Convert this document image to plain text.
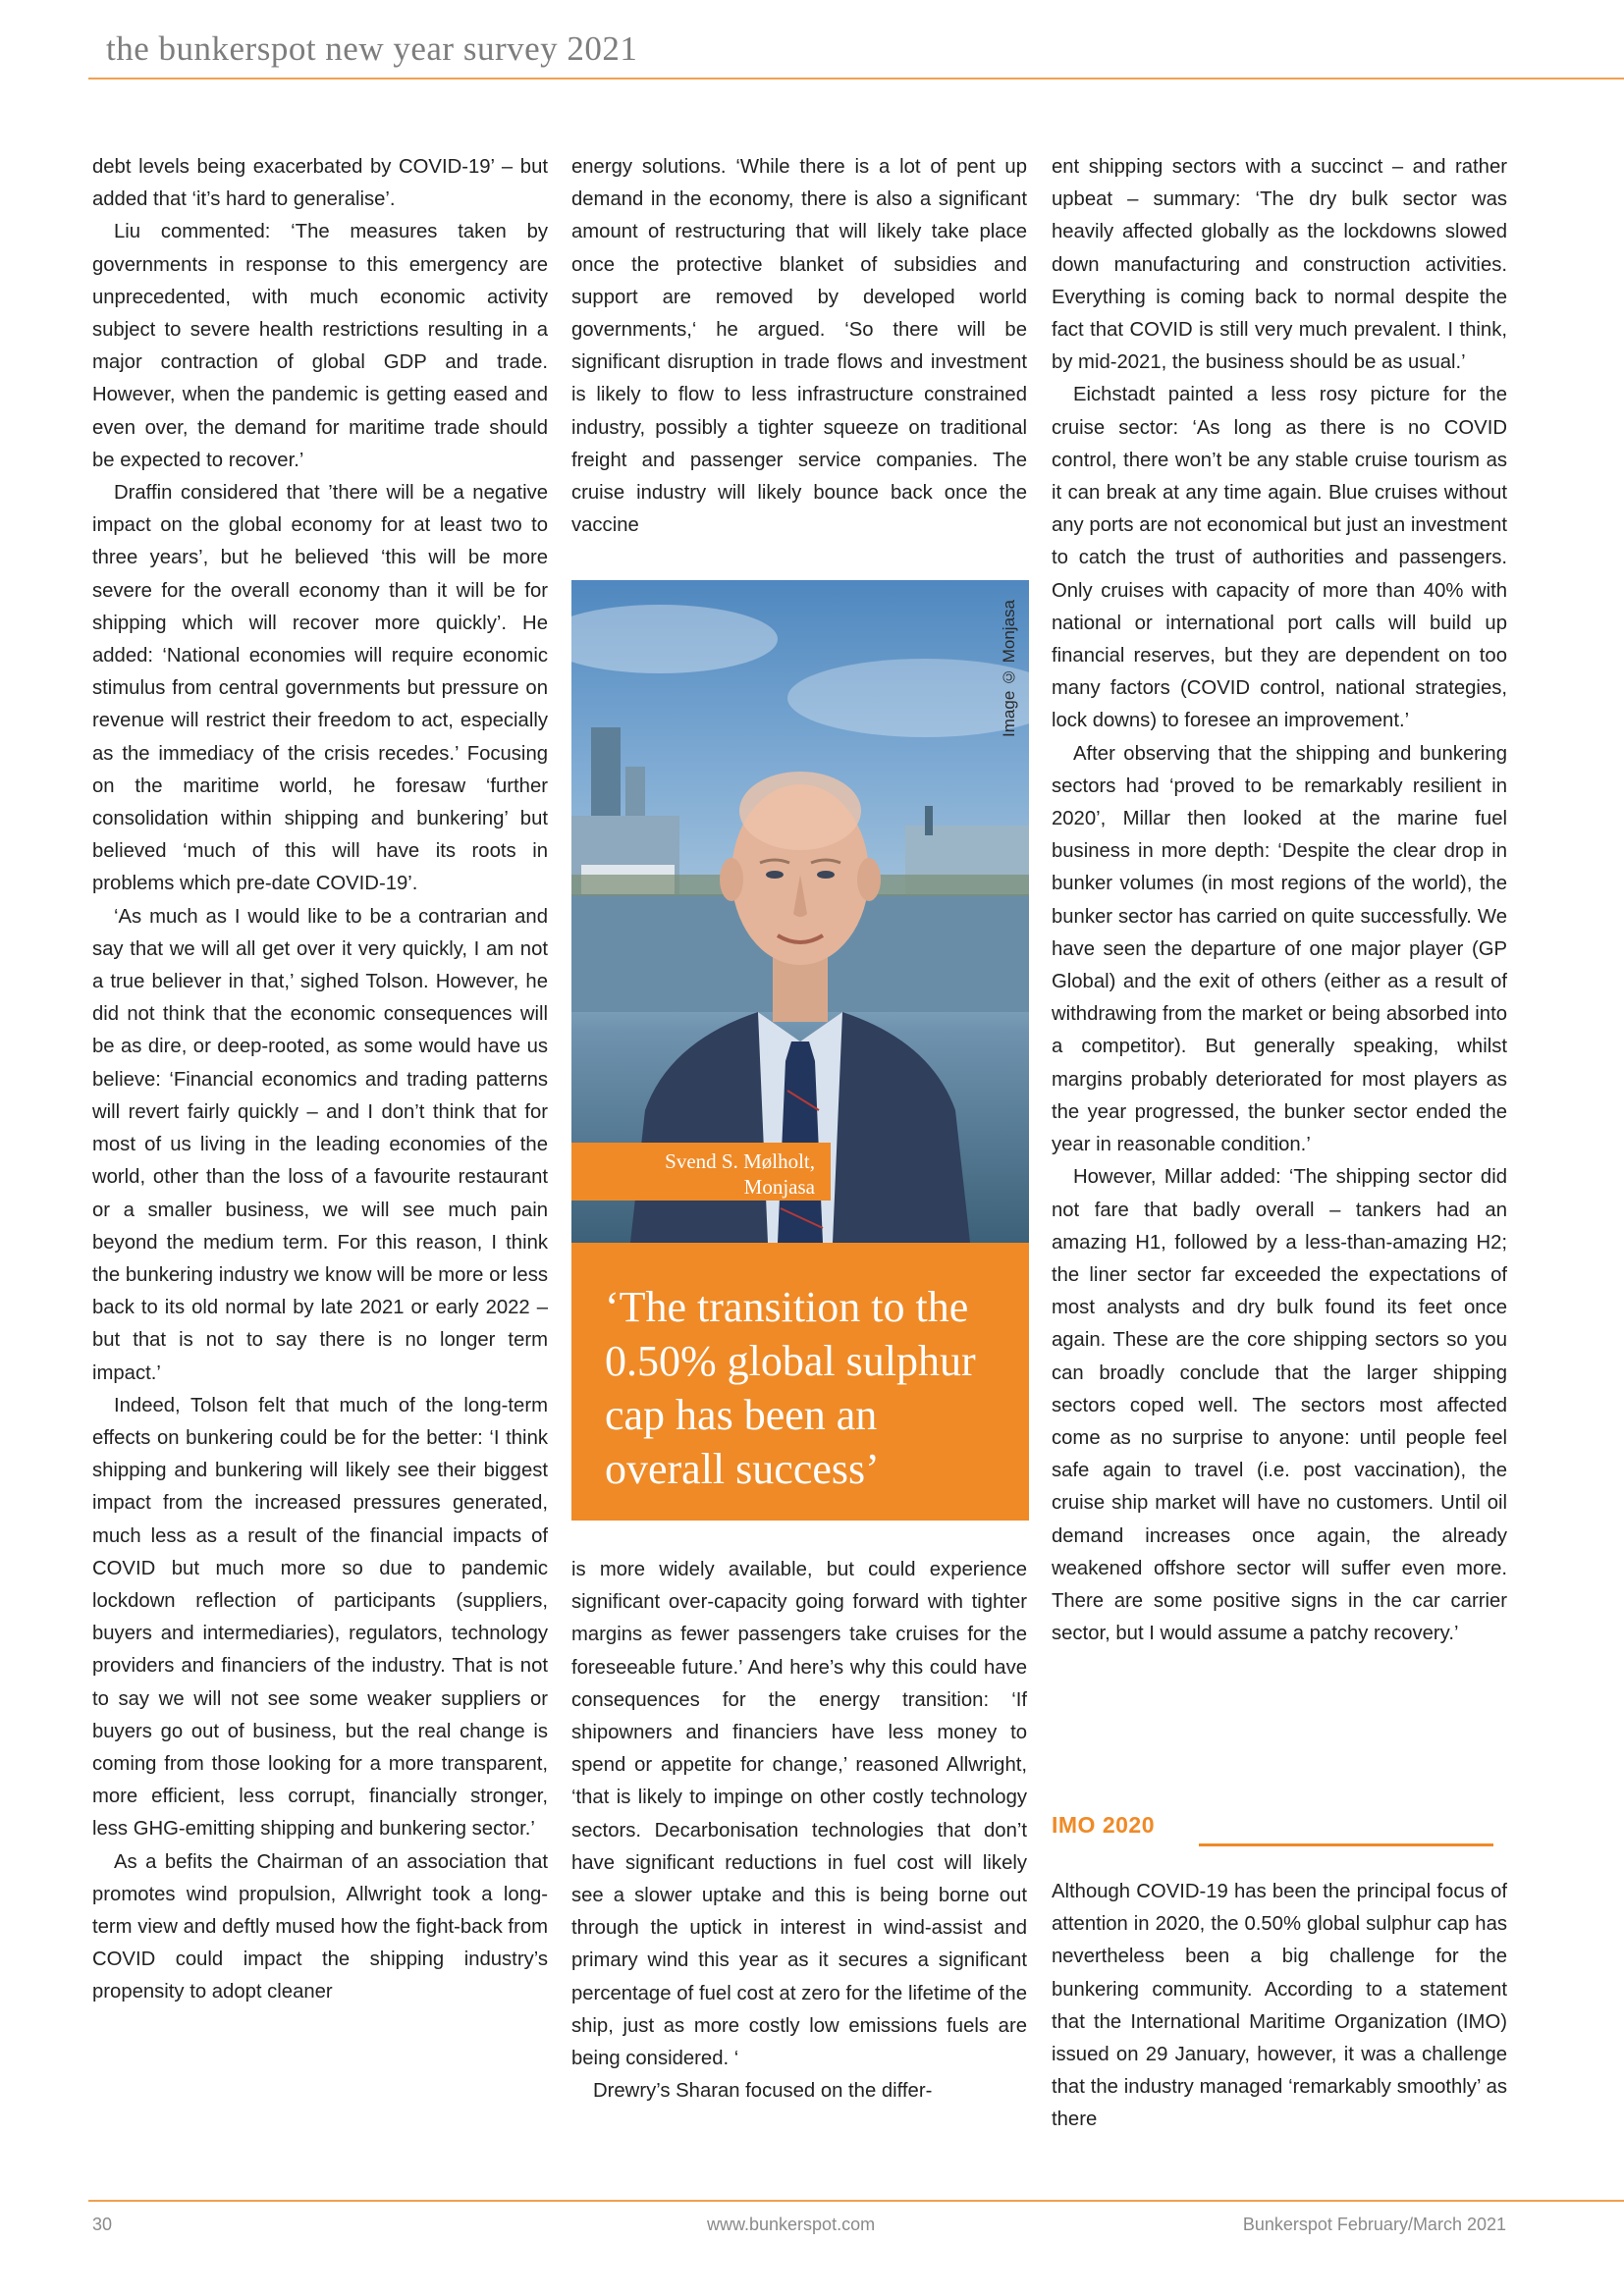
the bunkerspot new year survey 2021

debt levels being exacerbated by COVID-19’ – but added that ‘it’s hard to generalise’.

Liu commented: ‘The measures taken by governments in response to this emergency are unprecedented, with much economic activity subject to severe health restrictions resulting in a major contraction of global GDP and trade. However, when the pandemic is getting eased and even over, the demand for maritime trade should be expected to recover.’

Draffin considered that ’there will be a negative impact on the global economy for at least two to three years’, but he believed ‘this will be more severe for the overall economy than it will be for shipping which will recover more quickly’. He added: ‘National economies will require economic stimulus from central governments but pressure on revenue will restrict their freedom to act, especially as the immediacy of the crisis recedes.’ Focusing on the maritime world, he foresaw ‘further consolidation within shipping and bunkering’ but believed ‘much of this will have its roots in problems which pre-date COVID-19’.

‘As much as I would like to be a contrarian and say that we will all get over it very quickly, I am not a true believer in that,’ sighed Tolson. However, he did not think that the economic consequences will be as dire, or deep-rooted, as some would have us believe: ‘Financial economics and trading patterns will revert fairly quickly – and I don’t think that for most of us living in the leading economies of the world, other than the loss of a favourite restaurant or a smaller business, we will see much pain beyond the medium term. For this reason, I think the bunkering industry we know will be more or less back to its old normal by late 2021 or early 2022 – but that is not to say there is no longer term impact.’

Indeed, Tolson felt that much of the long-term effects on bunkering could be for the better: ‘I think shipping and bunkering will likely see their biggest impact from the increased pressures generated, much less as a result of the financial impacts of COVID but much more so due to pandemic lockdown reflection of participants (suppliers, buyers and intermediaries), regulators, technology providers and financiers of the industry. That is not to say we will not see some weaker suppliers or buyers go out of business, but the real change is coming from those looking for a more transparent, more efficient, less corrupt, financially stronger, less GHG-emitting shipping and bunkering sector.’

As a befits the Chairman of an association that promotes wind propulsion, Allwright took a long-term view and deftly mused how the fight-back from COVID could impact the shipping industry’s propensity to adopt cleaner

energy solutions. ‘While there is a lot of pent up demand in the economy, there is also a significant amount of restructuring that will likely take place once the protective blanket of subsidies and support are removed by developed world governments,‘ he argued. ‘So there will be significant disruption in trade flows and investment is likely to flow to less infrastructure constrained industry, possibly a tighter squeeze on traditional freight and passenger service companies. The cruise industry will likely bounce back once the vaccine

Image © Monjasa
Svend S. Mølholt,
Monjasa

‘The transition to the 0.50% global sulphur cap has been an overall success’

is more widely available, but could experience significant over-capacity going forward with tighter margins as fewer passengers take cruises for the foreseeable future.’ And here’s why this could have consequences for the energy transition: ‘If shipowners and financiers have less money to spend or appetite for change,’ reasoned Allwright, ‘that is likely to impinge on other costly technology sectors. Decarbonisation technologies that don’t have significant reductions in fuel cost will likely see a slower uptake and this is being borne out through the uptick in interest in wind-assist and primary wind this year as it secures a significant percentage of fuel cost at zero for the lifetime of the ship, just as more costly low emissions fuels are being considered. ‘

Drewry’s Sharan focused on the differ-

ent shipping sectors with a succinct – and rather upbeat – summary: ‘The dry bulk sector was heavily affected globally as the lockdowns slowed down manufacturing and construction activities. Everything is coming back to normal despite the fact that COVID is still very much prevalent. I think, by mid-2021, the business should be as usual.’

Eichstadt painted a less rosy picture for the cruise sector: ‘As long as there is no COVID control, there won’t be any stable cruise tourism as it can break at any time again. Blue cruises without any ports are not economical but just an investment to catch the trust of authorities and passengers. Only cruises with capacity of more than 40% with national or international port calls will build up financial reserves, but they are dependent on too many factors (COVID control, national strategies, lock downs) to foresee an improvement.’

After observing that the shipping and bunkering sectors had ‘proved to be remarkably resilient in 2020’, Millar then looked at the marine fuel business in more depth: ‘Despite the clear drop in bunker volumes (in most regions of the world), the bunker sector has carried on quite successfully. We have seen the departure of one major player (GP Global) and the exit of others (either as a result of withdrawing from the market or being absorbed into a competitor). But generally speaking, whilst margins probably deteriorated for most players as the year progressed, the bunker sector ended the year in reasonable condition.’

However, Millar added: ‘The shipping sector did not fare that badly overall – tankers had an amazing H1, followed by a less-than-amazing H2; the liner sector far exceeded the expectations of most analysts and dry bulk found its feet once again. These are the core shipping sectors so you can broadly conclude that the larger shipping sectors coped well. The sectors most affected come as no surprise to anyone: until people feel safe again to travel (i.e. post vaccination), the cruise ship market will have no customers. Until oil demand increases once again, the already weakened offshore sector will suffer even more. There are some positive signs in the car carrier sector, but I would assume a patchy recovery.’

IMO 2020

Although COVID-19 has been the principal focus of attention in 2020, the 0.50% global sulphur cap has nevertheless been a big challenge for the bunkering community. According to a statement that the International Maritime Organization (IMO) issued on 29 January, however, it was a challenge that the industry managed ‘remarkably smoothly’ as there

30	www.bunkerspot.com	Bunkerspot February/March 2021
